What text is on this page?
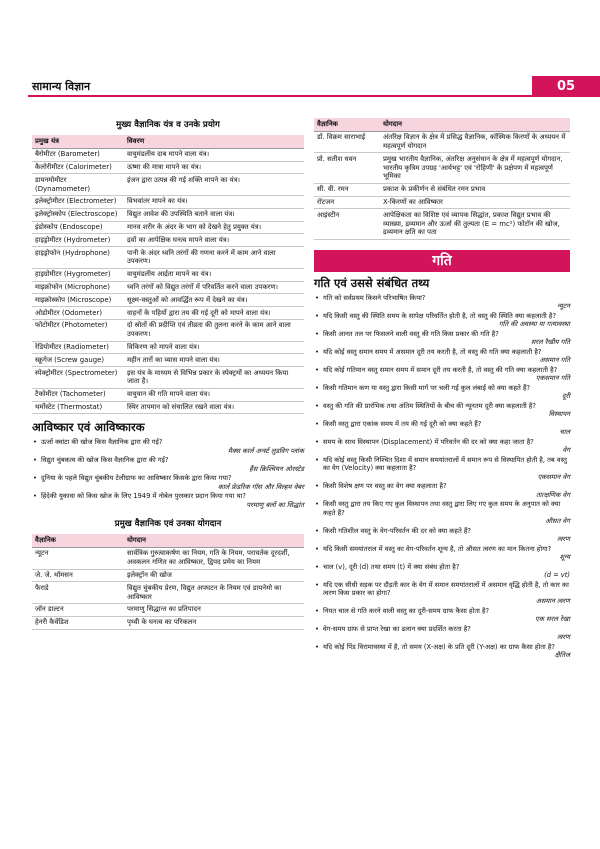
सामान्य विज्ञान	05
मुख्य वैज्ञानिक यंत्र व उनके प्रयोग
प्रमुख यंत्र	विवरण
बैरोमीटर (Barometer)	वायुमंडलीय दाब मापने वाला यंत्र।
कैलोरीमीटर (Calorimeter)	ऊष्मा की मात्रा मापने का यंत्र।
डायनमोमीटर (Dynamometer)	इंजन द्वारा उत्पन्न की गई शक्ति मापने का यंत्र।
इलेक्ट्रोमीटर (Electrometer)	विभवांतर मापने का यंत्र।
इलेक्ट्रोस्कोप (Electroscope)	विद्युत आवेश की उपस्थिति बताने वाला यंत्र।
इंडोस्कोप (Endoscope)	मानव शरीर के अंदर के भाग को देखने हेतु प्रयुक्त यंत्र।
हाइड्रोमीटर (Hydrometer)	द्रवों का आपेक्षिक घनत्व मापने वाला यंत्र।
हाइड्रोफोन (Hydrophone)	पानी के अंदर ध्वनि तरंगों की गणना करने में काम आने वाला उपकरण।
हाइग्रोमीटर (Hygrometer)	वायुमंडलीय आर्द्रता मापने का यंत्र।
माइक्रोफोन (Microphone)	ध्वनि तरंगों को विद्युत तरंगों में परिवर्तित करने वाला उपकरण।
माइक्रोस्कोप (Microscope)	सूक्ष्म-वस्तुओं को आवर्द्धित रूप में देखने का यंत्र।
ओडोमीटर (Odometer)	वाहनों के पहियों द्वारा तय की गई दूरी को मापने वाला यंत्र।
फोटोमीटर (Photometer)	दो स्रोतों की प्रदीप्ति एवं तीव्रता की तुलना करने के काम आने वाला उपकरण।
रेडियोमीटर (Radiometer)	विकिरण को मापने वाला यंत्र।
स्क्रूगेज (Screw gauge)	महीन तारों का व्यास मापने वाला यंत्र।
स्पेक्ट्रोमीटर (Spectrometer)	इस यंत्र के माध्यम से विभिन्न प्रकार के स्पेक्ट्रमों का अध्ययन किया जाता है।
टैकोमीटर (Tachometer)	वायुयान की गति मापने वाला यंत्र।
थर्मोस्टेट (Thermostat)	स्थिर तापमान को संचालित रखने वाला यंत्र।
आविष्कार एवं आविष्कारक
• ऊर्जा क्वांटा की खोज किस वैज्ञानिक द्वारा की गई?
मैक्स कार्ल अर्न्स्ट लुडविग प्लांक
• विद्युत चुंबकत्व की खोज किस वैज्ञानिक द्वारा की गई?
हैंस क्रिश्चियन ओरस्टेड
• दुनिया के पहले विद्युत चुंबकीय टेलीग्राफ का आविष्कार किसके द्वारा किया गया?
कार्ल फ्रेडरिक गॉस और विल्हम वेबर
• हिंदेकी युकावा को किस खोज के लिए 1949 में नोबेल पुरस्कार प्रदान किया गया था?
परमाणु बलों का सिद्धांत
प्रमुख वैज्ञानिक एवं उनका योगदान
वैज्ञानिक	योगदान
न्यूटन	सार्वत्रिक गुरुत्वाकर्षण का नियम, गति के नियम, परावर्तक दूरदर्शी, अवकलन गणित का आविष्कार, द्विपद प्रमेय का नियम
जे. जे. थॉमसन	इलेक्ट्रॉन की खोज
फैराडे	विद्युत चुंबकीय प्रेरण, विद्युत अपघटन के नियम एवं डायनेमो का आविष्कार
जॉन डाल्टन	परमाणु सिद्धान्त का प्रतिपादन
हेनरी कैवेंडिश	पृथ्वी के घनत्व का परिकलन
वैज्ञानिक	योगदान
डॉ. विक्रम साराभाई	अंतरिक्ष विज्ञान के क्षेत्र में प्रसिद्ध वैज्ञानिक, कॉस्मिक किरणों के अध्ययन में महत्वपूर्ण योगदान
प्रो. सतीश धवन	प्रमुख भारतीय वैज्ञानिक, अंतरिक्ष अनुसंधान के क्षेत्र में महत्वपूर्ण योगदान, भारतीय कृत्रिम उपग्रह 'आर्यभट्ट' एवं 'रोहिणी' के प्रक्षेपण में महत्वपूर्ण भूमिका
सी. वी. रमन	प्रकाश के प्रकीर्णन से संबंधित रमन प्रभाव
रॉटजन	X-किरणों का आविष्कार
आइंस्टीन	आपेक्षिकता का विशिष्ट एवं व्यापक सिद्धांत, प्रकाश विद्युत प्रभाव की व्याख्या, द्रव्यमान और ऊर्जा की तुल्यता (E = mc²) फोटॉन की खोज, द्रव्यमान क्षति का पता
गति
गति एवं उससे संबंधित तथ्य
• गति को सर्वप्रथम किसने परिभाषित किया?
न्यूटन
• यदि किसी वस्तु की स्थिति समय के सापेक्ष परिवर्तित होती है, तो वस्तु की स्थिति क्या कहलाती है?
गति की अवस्था या गत्यावस्था
• किसी आनत तल पर फिसलने वाली वस्तु की गति किस प्रकार की गति है?
सरल रैखीय गति
• यदि कोई वस्तु समान समय में असमान दूरी तय करती है, तो वस्तु की गति क्या कहलाती है?
असमान गति
• यदि कोई गतिमान वस्तु समान समय में समान दूरी तय करती है, तो वस्तु की गति क्या कहलाती है?
एकसमान गति
• किसी गतिमान कण या वस्तु द्वारा किसी मार्ग पर चली गई कुल लंबाई को क्या कहते हैं?
दूरी
• वस्तु की गति की प्रारंभिक तथा अंतिम स्थितियों के बीच की न्यूनतम दूरी क्या कहलाती है?
विस्थापन
• किसी वस्तु द्वारा एकांक समय में तय की गई दूरी को क्या कहते हैं?
चाल
• समय के साथ विस्थापन (Displacement) में परिवर्तन की दर को क्या कहा जाता है?
वेग
• यदि कोई वस्तु किसी निश्चित दिशा में समान समयांतरालों में समान रूप से विस्थापित होती है, तब वस्तु का वेग (Velocity) क्या कहलाता है?
एकसमान वेग
• किसी विशेष क्षण पर वस्तु का वेग क्या कहलाता है?
तात्क्षणिक वेग
• किसी वस्तु द्वारा तय किए गए कुल विस्थापन तथा वस्तु द्वारा लिए गए कुल समय के अनुपात को क्या कहते हैं?
औसत वेग
• किसी गतिशील वस्तु के वेग-परिवर्तन की दर को क्या कहते हैं?
त्वरण
• यदि किसी समयांतराल में वस्तु का वेग-परिवर्तन शून्य है, तो औसत त्वरण का मान कितना होगा?
शून्य
• चाल (v), दूरी (d) तथा समय (t) में क्या संबंध होता है?
(d = vt)
• यदि एक सीधी सड़क पर दौड़ती कार के वेग में समान समयांतरालों में असमान वृद्धि होती है, तो कार का त्वरण किस प्रकार का होगा?
असमान त्वरण
• नियत चाल से गति करने वाली वस्तु का दूरी-समय ग्राफ कैसा होता है?
एक सरल रेखा
• वेग-समय ग्राफ से प्राप्त रेखा का ढलान क्या प्रदर्शित करता है?
त्वरण
• यदि कोई पिंड विरामावस्था में है, तो समय (X-अक्ष) के प्रति दूरी (Y-अक्ष) का ग्राफ कैसा होता है?
क्षैतिज
